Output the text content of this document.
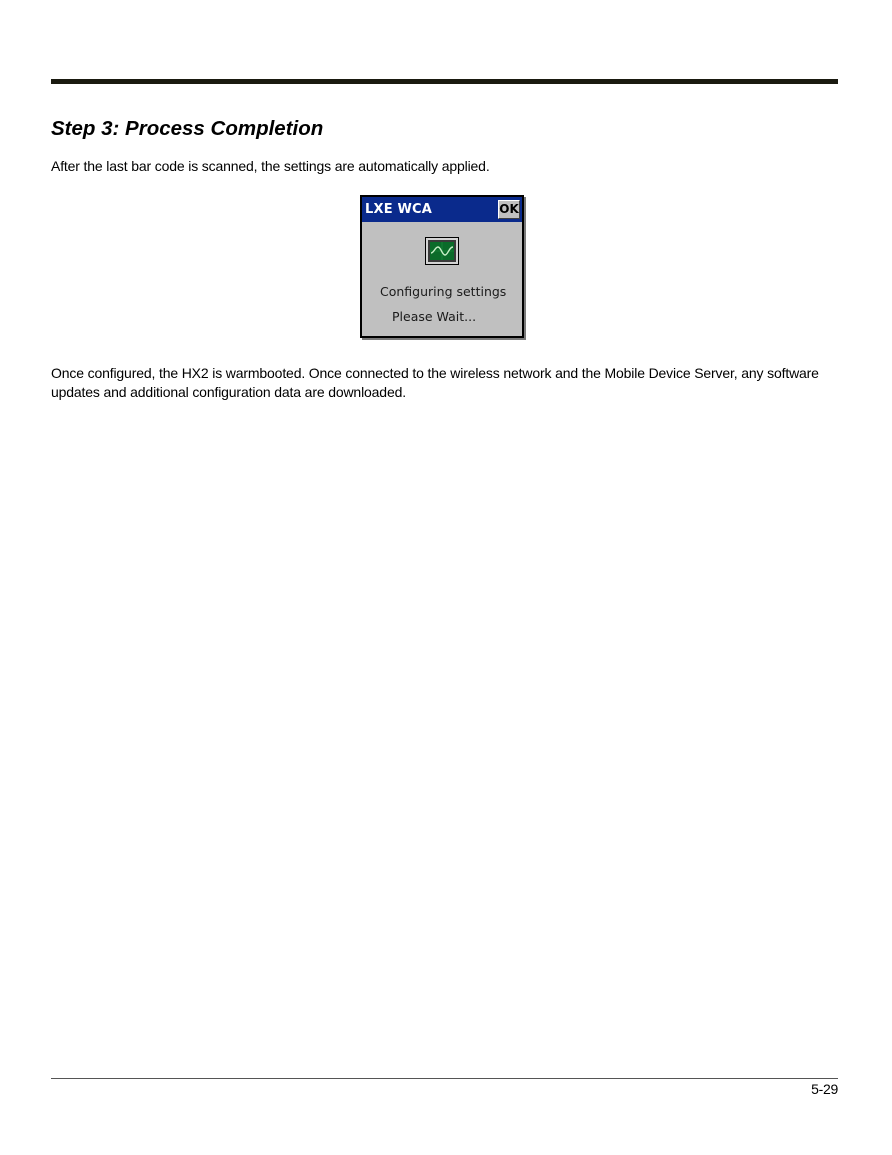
Step 3: Process Completion

After the last bar code is scanned, the settings are automatically applied.

LXE WCA	OK
Configuring settings
Please Wait...

Once configured, the HX2 is warmbooted. Once connected to the wireless network and the Mobile Device Server, any software updates and additional configuration data are downloaded.

5-29
